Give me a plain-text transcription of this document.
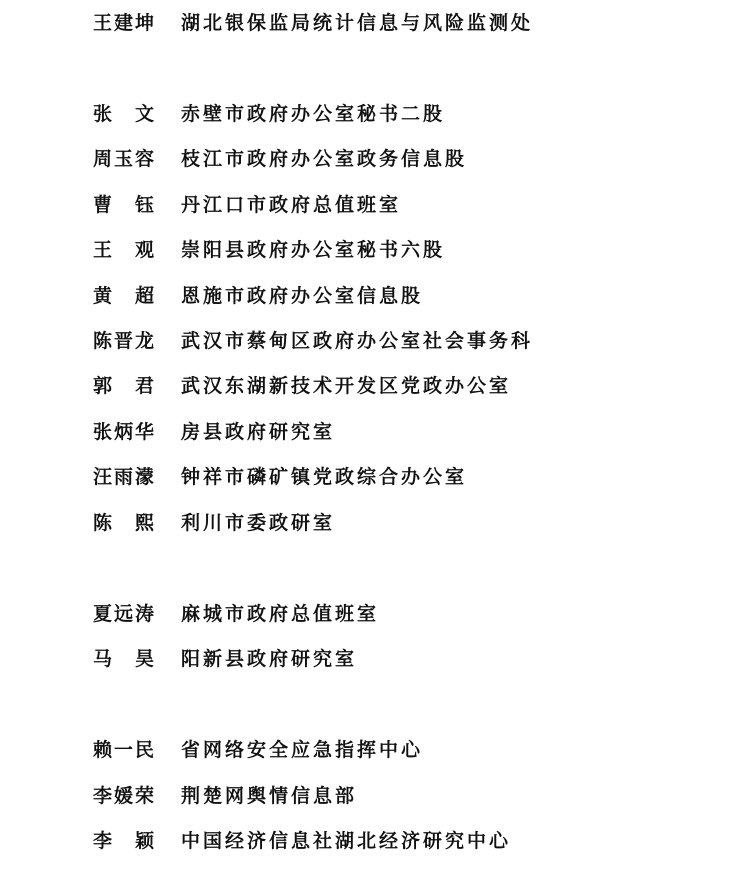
王建坤 湖北银保监局统计信息与风险监测处
张　文 赤壁市政府办公室秘书二股
周玉容 枝江市政府办公室政务信息股
曹　钰 丹江口市政府总值班室
王　观 崇阳县政府办公室秘书六股
黄　超 恩施市政府办公室信息股
陈晋龙 武汉市蔡甸区政府办公室社会事务科
郭　君 武汉东湖新技术开发区党政办公室
张炳华 房县政府研究室
汪雨濛 钟祥市磷矿镇党政综合办公室
陈　熙 利川市委政研室
夏远涛 麻城市政府总值班室
马　昊 阳新县政府研究室
赖一民 省网络安全应急指挥中心
李媛荣 荆楚网舆情信息部
李　颖 中国经济信息社湖北经济研究中心
